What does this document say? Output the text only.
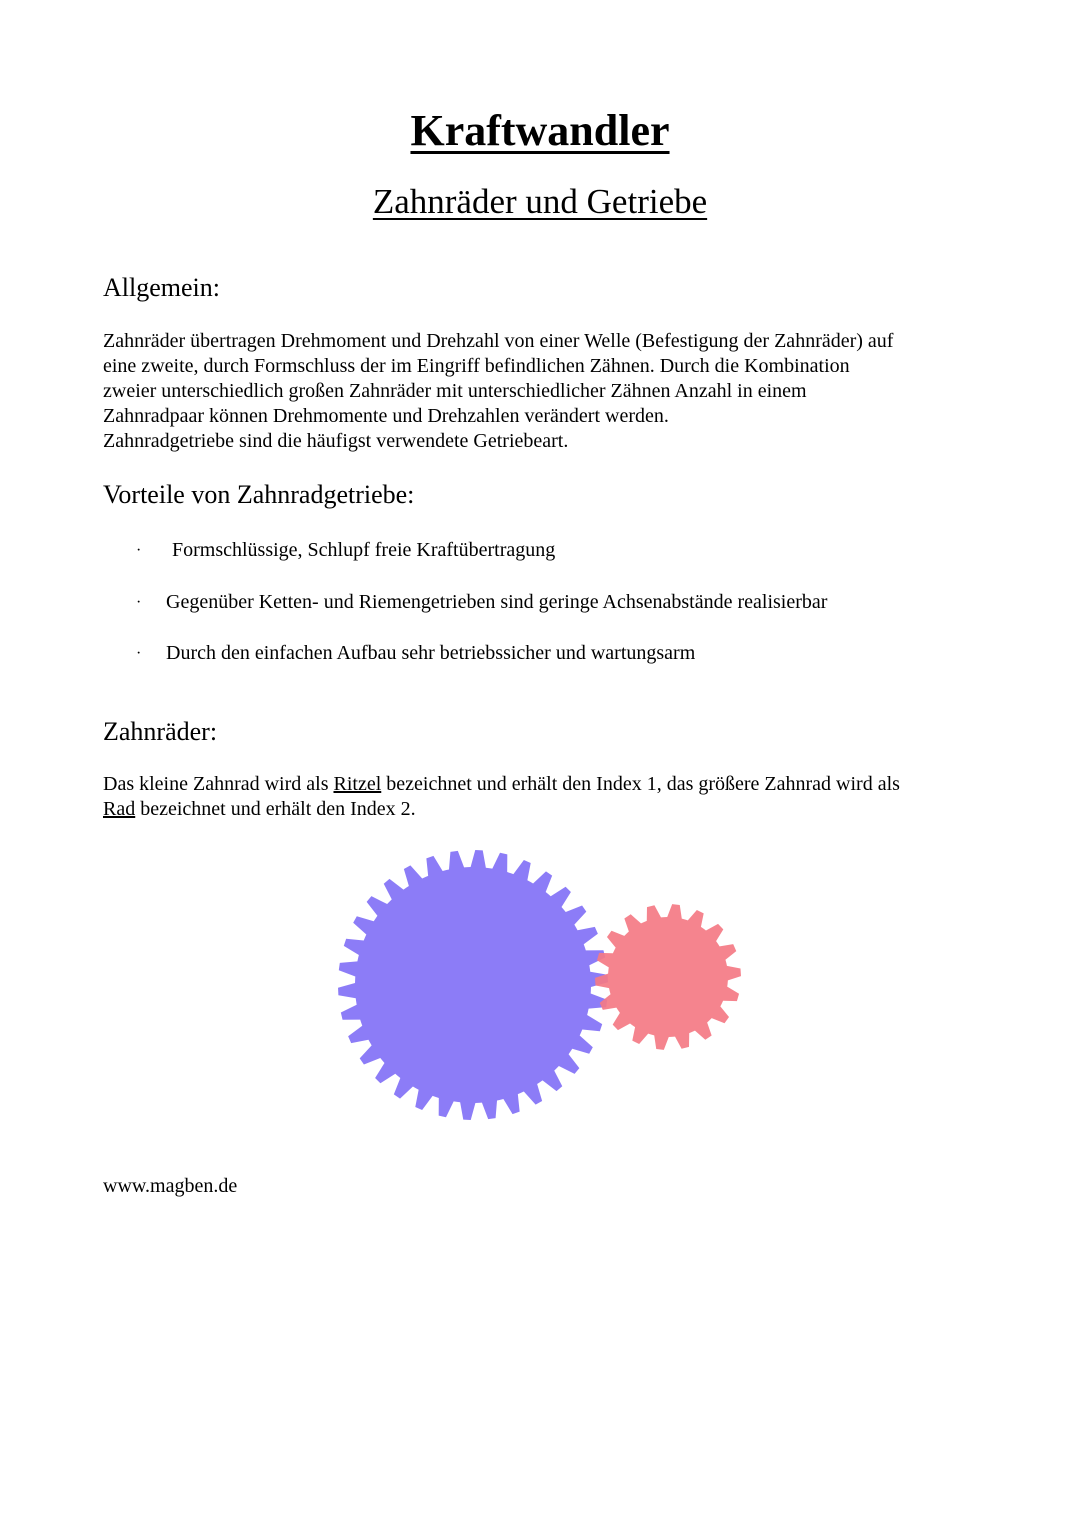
Kraftwandler
Zahnräder und Getriebe
Allgemein:

Zahnräder übertragen Drehmoment und Drehzahl von einer Welle (Befestigung der Zahnräder) auf

eine zweite, durch Formschluss der im Eingriff befindlichen Zähnen. Durch die Kombination

zweier unterschiedlich großen Zahnräder mit unterschiedlicher Zähnen Anzahl in einem

Zahnradpaar können Drehmomente und Drehzahlen verändert werden.

Zahnradgetriebe sind die häufigst verwendete Getriebeart.

Vorteile von Zahnradgetriebe:
· Formschlüssige, Schlupf freie Kraftübertragung
· Gegenüber Ketten- und Riemengetrieben sind geringe Achsenabstände realisierbar
· Durch den einfachen Aufbau sehr betriebssicher und wartungsarm
Zahnräder:

Das kleine Zahnrad wird als Ritzel bezeichnet und erhält den Index 1, das größere Zahnrad wird als

Rad bezeichnet und erhält den Index 2.

www.magben.de
